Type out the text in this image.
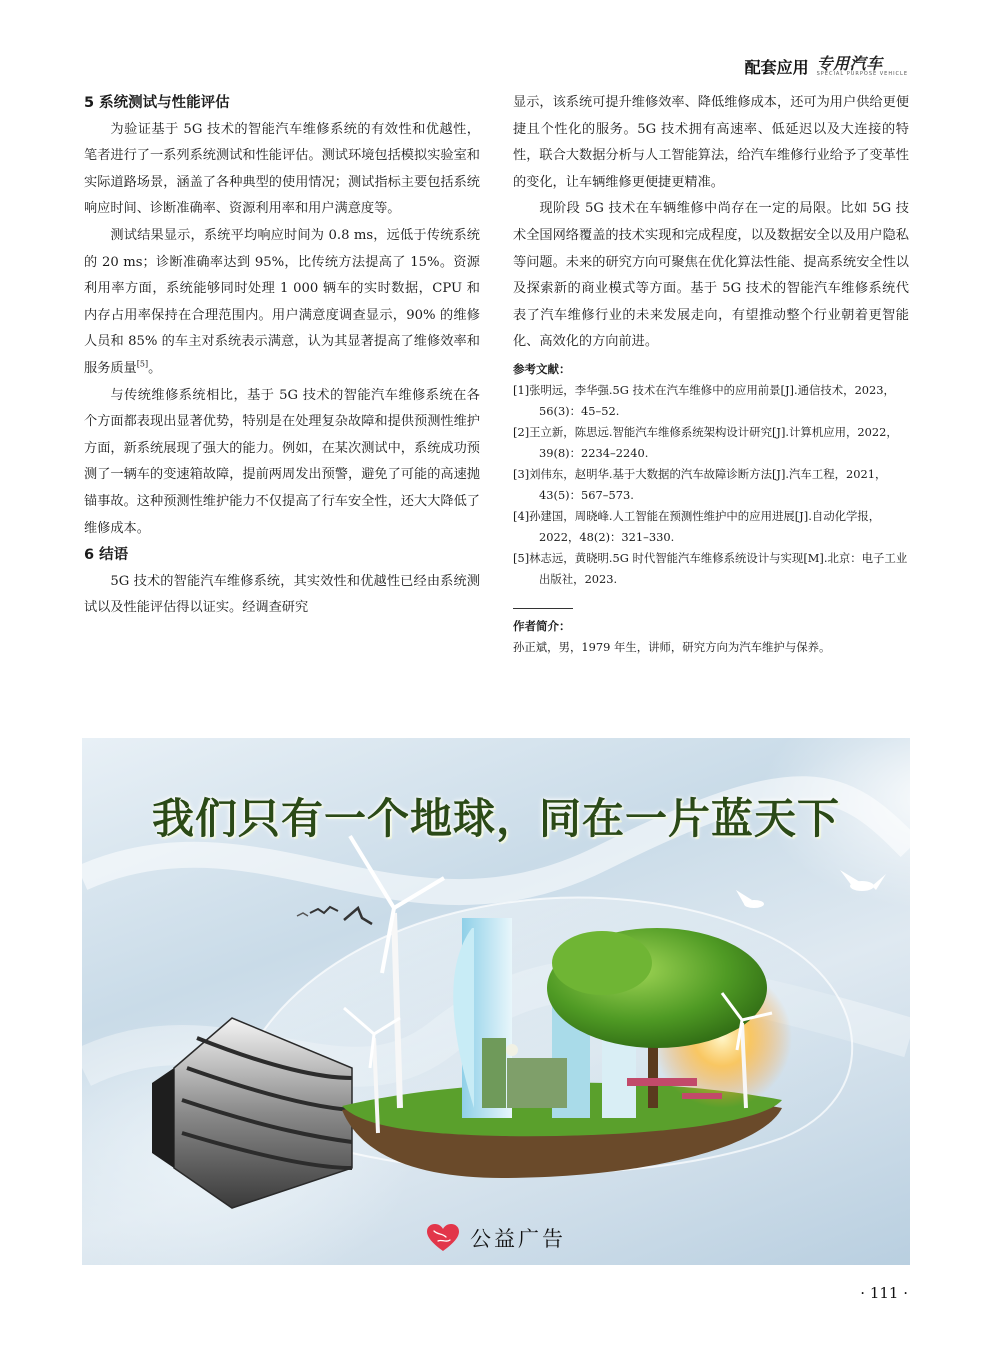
配套应用 专用汽车
SPECIAL PURPOSE VEHICLE
5 系统测试与性能评估

为验证基于 5G 技术的智能汽车维修系统的有效性和优越性，笔者进行了一系列系统测试和性能评估。测试环境包括模拟实验室和实际道路场景，涵盖了各种典型的使用情况；测试指标主要包括系统响应时间、诊断准确率、资源利用率和用户满意度等。

测试结果显示，系统平均响应时间为 0.8 ms，远低于传统系统的 20 ms；诊断准确率达到 95%，比传统方法提高了 15%。资源利用率方面，系统能够同时处理 1 000 辆车的实时数据，CPU 和内存占用率保持在合理范围内。用户满意度调查显示，90% 的维修人员和 85% 的车主对系统表示满意，认为其显著提高了维修效率和服务质量[5]。

与传统维修系统相比，基于 5G 技术的智能汽车维修系统在各个方面都表现出显著优势，特别是在处理复杂故障和提供预测性维护方面，新系统展现了强大的能力。例如，在某次测试中，系统成功预测了一辆车的变速箱故障，提前两周发出预警，避免了可能的高速抛锚事故。这种预测性维护能力不仅提高了行车安全性，还大大降低了维修成本。

6 结语

5G 技术的智能汽车维修系统，其实效性和优越性已经由系统测试以及性能评估得以证实。经调查研究

显示，该系统可提升维修效率、降低维修成本，还可为用户供给更便捷且个性化的服务。5G 技术拥有高速率、低延迟以及大连接的特性，联合大数据分析与人工智能算法，给汽车维修行业给予了变革性的变化，让车辆维修更便捷更精准。

现阶段 5G 技术在车辆维修中尚存在一定的局限。比如 5G 技术全国网络覆盖的技术实现和完成程度，以及数据安全以及用户隐私等问题。未来的研究方向可聚焦在优化算法性能、提高系统安全性以及探索新的商业模式等方面。基于 5G 技术的智能汽车维修系统代表了汽车维修行业的未来发展走向，有望推动整个行业朝着更智能化、高效化的方向前进。

参考文献：
[1]张明远，李华强.5G 技术在汽车维修中的应用前景[J].通信技术，2023，56(3)：45–52.
[2]王立新，陈思远.智能汽车维修系统架构设计研究[J].计算机应用，2022，39(8)：2234–2240.
[3]刘伟东，赵明华.基于大数据的汽车故障诊断方法[J].汽车工程，2021，43(5)：567–573.
[4]孙建国，周晓峰.人工智能在预测性维护中的应用进展[J].自动化学报，2022，48(2)：321–330.
[5]林志远，黄晓明.5G 时代智能汽车维修系统设计与实现[M].北京：电子工业出版社，2023.
作者简介：
孙正斌，男，1979 年生，讲师，研究方向为汽车维护与保养。
我们只有一个地球，同在一片蓝天下
公益广告
· 111 ·
